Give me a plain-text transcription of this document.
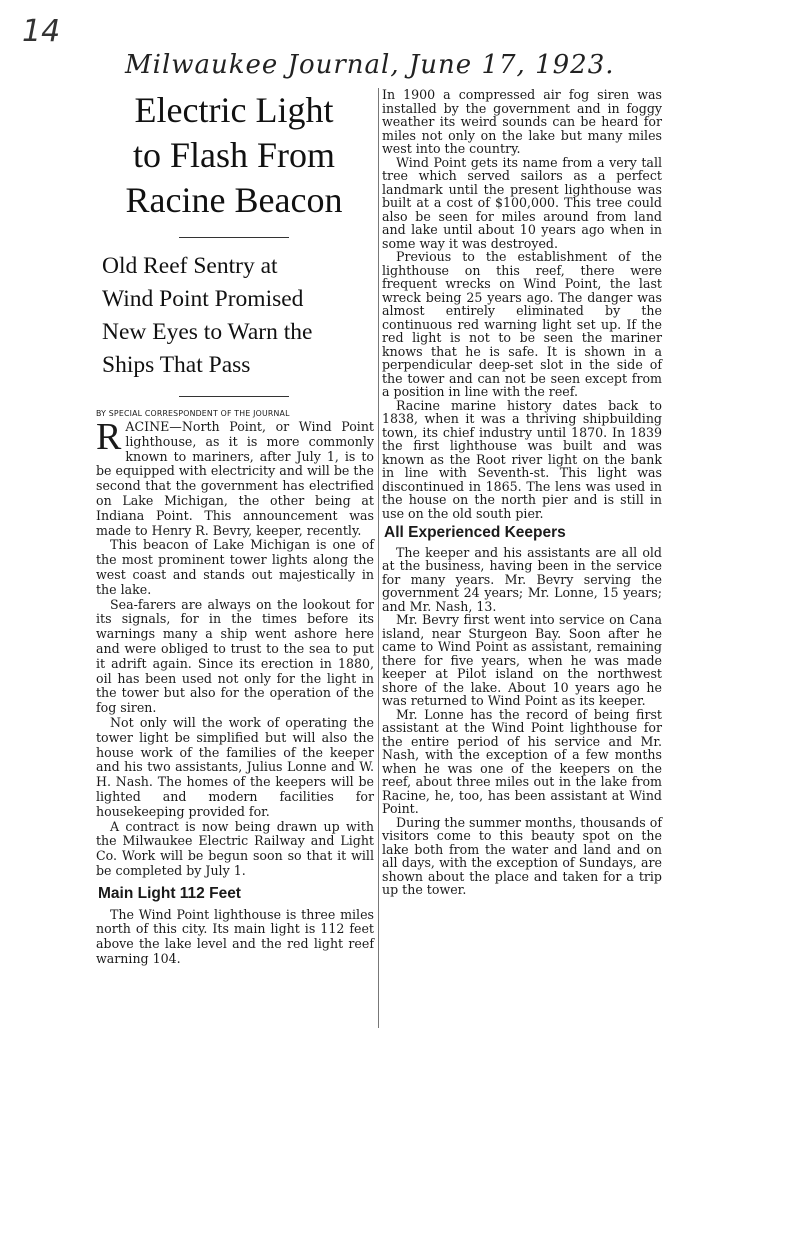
14
Milwaukee Journal, June 17, 1923.
Electric Light
to Flash From
Racine Beacon
Old Reef Sentry at
Wind Point Promised
New Eyes to Warn the
Ships That Pass
BY SPECIAL CORRESPONDENT OF THE JOURNAL

RACINE—North Point, or Wind Point lighthouse, as it is more commonly known to mariners, after July 1, is to be equipped with electricity and will be the second that the government has electrified on Lake Michigan, the other being at Indiana Point. This announcement was made to Henry R. Bevry, keeper, recently.

This beacon of Lake Michigan is one of the most prominent tower lights along the west coast and stands out majestically in the lake.

Sea-farers are always on the lookout for its signals, for in the times before its warnings many a ship went ashore here and were obliged to trust to the sea to put it adrift again. Since its erection in 1880, oil has been used not only for the light in the tower but also for the operation of the fog siren.

Not only will the work of operating the tower light be simplified but will also the house work of the families of the keeper and his two assistants, Julius Lonne and W. H. Nash. The homes of the keepers will be lighted and modern facilities for housekeeping provided for.

A contract is now being drawn up with the Milwaukee Electric Railway and Light Co. Work will be begun soon so that it will be completed by July 1.

Main Light 112 Feet

The Wind Point lighthouse is three miles north of this city. Its main light is 112 feet above the lake level and the red light reef warning 104.

In 1900 a compressed air fog siren was installed by the government and in foggy weather its weird sounds can be heard for miles not only on the lake but many miles west into the country.

Wind Point gets its name from a very tall tree which served sailors as a perfect landmark until the present lighthouse was built at a cost of $100,000. This tree could also be seen for miles around from land and lake until about 10 years ago when in some way it was destroyed.

Previous to the establishment of the lighthouse on this reef, there were frequent wrecks on Wind Point, the last wreck being 25 years ago. The danger was almost entirely eliminated by the continuous red warning light set up. If the red light is not to be seen the mariner knows that he is safe. It is shown in a perpendicular deep-set slot in the side of the tower and can not be seen except from a position in line with the reef.

Racine marine history dates back to 1838, when it was a thriving shipbuilding town, its chief industry until 1870. In 1839 the first lighthouse was built and was known as the Root river light on the bank in line with Seventh-st. This light was discontinued in 1865. The lens was used in the house on the north pier and is still in use on the old south pier.

All Experienced Keepers

The keeper and his assistants are all old at the business, having been in the service for many years. Mr. Bevry serving the government 24 years; Mr. Lonne, 15 years; and Mr. Nash, 13.

Mr. Bevry first went into service on Cana island, near Sturgeon Bay. Soon after he came to Wind Point as assistant, remaining there for five years, when he was made keeper at Pilot island on the northwest shore of the lake. About 10 years ago he was returned to Wind Point as its keeper.

Mr. Lonne has the record of being first assistant at the Wind Point lighthouse for the entire period of his service and Mr. Nash, with the exception of a few months when he was one of the keepers on the reef, about three miles out in the lake from Racine, he, too, has been assistant at Wind Point.

During the summer months, thousands of visitors come to this beauty spot on the lake both from the water and land and on all days, with the exception of Sundays, are shown about the place and taken for a trip up the tower.
